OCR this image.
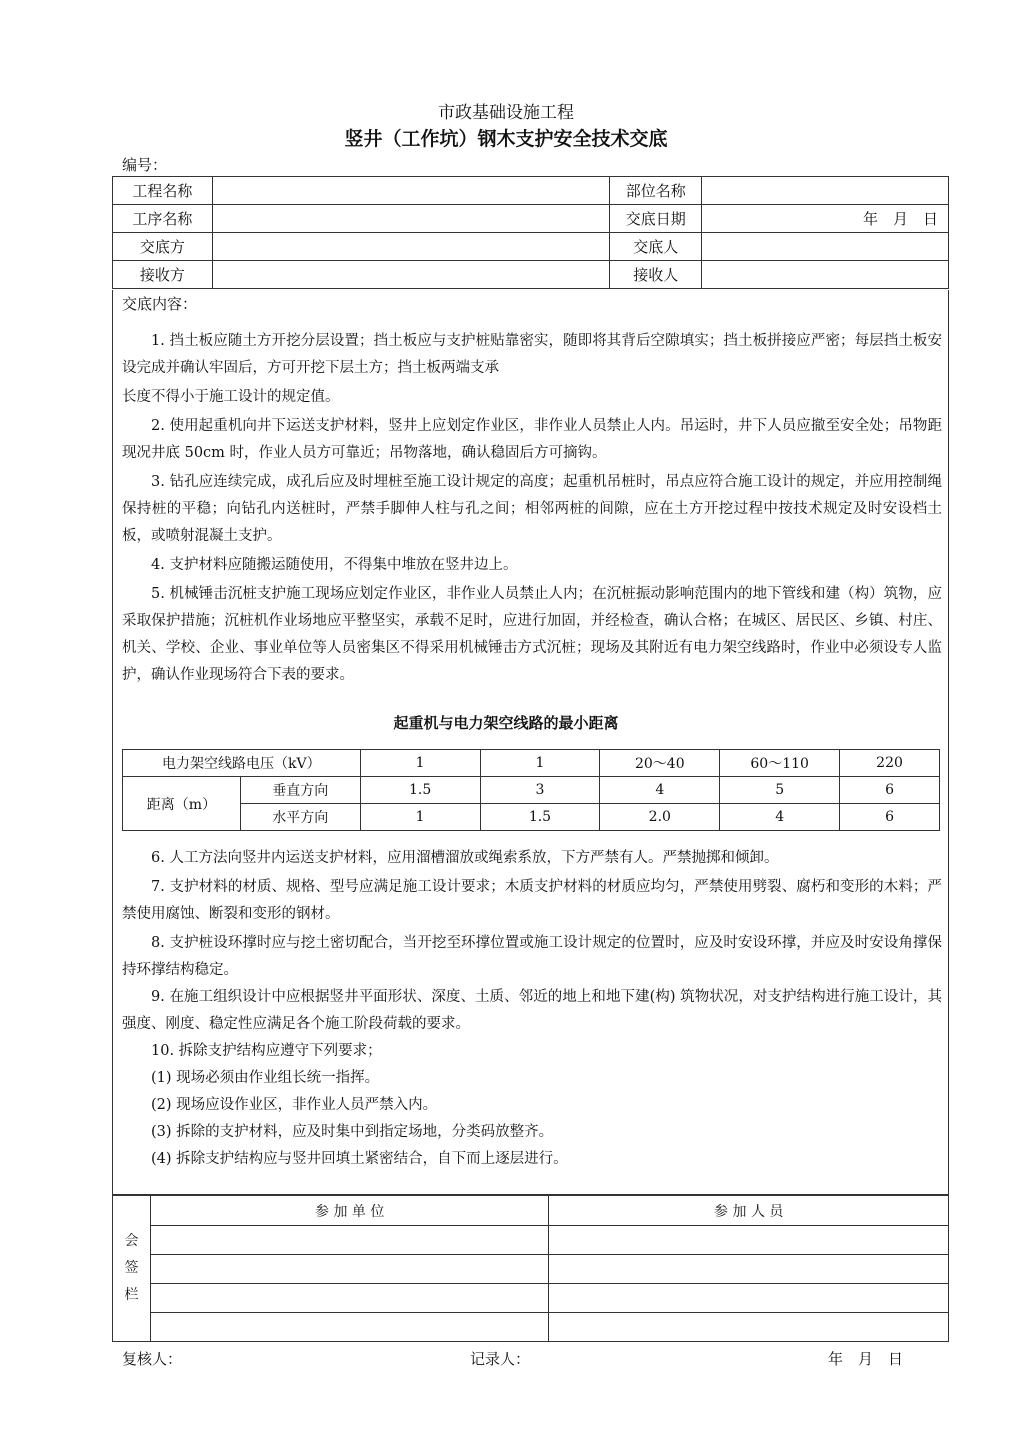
市政基础设施工程
竖井（工作坑）钢木支护安全技术交底
编号：
工程名称		部位名称	
工序名称		交底日期	年　月　日
交底方		交底人	
接收方		接收人	
交底内容：

1. 挡土板应随土方开挖分层设置；挡土板应与支护桩贴靠密实，随即将其背后空隙填实；挡土板拼接应严密；每层挡土板安设完成并确认牢固后，方可开挖下层土方；挡土板两端支承

长度不得小于施工设计的规定值。

2. 使用起重机向井下运送支护材料，竖井上应划定作业区，非作业人员禁止人内。吊运时，井下人员应撤至安全处；吊物距现况井底 50cm 时，作业人员方可靠近；吊物落地，确认稳固后方可摘钩。

3. 钻孔应连续完成，成孔后应及时埋桩至施工设计规定的高度；起重机吊桩时，吊点应符合施工设计的规定，并应用控制绳保持桩的平稳；向钻孔内送桩时，严禁手脚伸人柱与孔之间；相邻两桩的间隙，应在土方开挖过程中按技术规定及时安设档土板，或喷射混凝土支护。

4. 支护材料应随搬运随使用，不得集中堆放在竖井边上。

5. 机械锤击沉桩支护施工现场应划定作业区，非作业人员禁止人内；在沉桩振动影响范围内的地下管线和建（构）筑物，应采取保护措施；沉桩机作业场地应平整坚实，承载不足时，应进行加固，并经检查，确认合格；在城区、居民区、乡镇、村庄、机关、学校、企业、事业单位等人员密集区不得采用机械锤击方式沉桩；现场及其附近有电力架空线路时，作业中必须设专人监护，确认作业现场符合下表的要求。

起重机与电力架空线路的最小距离
电力架空线路电压（kV）		1	1	20～40	60～110	220
距离（m）	垂直方向	1.5	3	4	5	6
	水平方向	1	1.5	2.0	4	6

6. 人工方法向竖井内运送支护材料，应用溜槽溜放或绳索系放，下方严禁有人。严禁抛掷和倾卸。

7. 支护材料的材质、规格、型号应满足施工设计要求；木质支护材料的材质应均匀，严禁使用劈裂、腐朽和变形的木料；严禁使用腐蚀、断裂和变形的钢材。

8. 支护桩设环撑时应与挖土密切配合，当开挖至环撑位置或施工设计规定的位置时，应及时安设环撑，并应及时安设角撑保持环撑结构稳定。

9. 在施工组织设计中应根据竖井平面形状、深度、土质、邻近的地上和地下建(构) 筑物状况，对支护结构进行施工设计，其强度、刚度、稳定性应满足各个施工阶段荷载的要求。

10. 拆除支护结构应遵守下列要求；

(1) 现场必须由作业组长统一指挥。

(2) 现场应设作业区，非作业人员严禁入内。

(3) 拆除的支护材料，应及时集中到指定场地，分类码放整齐。

(4) 拆除支护结构应与竖井回填土紧密结合，自下而上逐层进行。

会
签
栏	参 加 单 位	参 加 人 员

复核人：	记录人：	年　月　日
